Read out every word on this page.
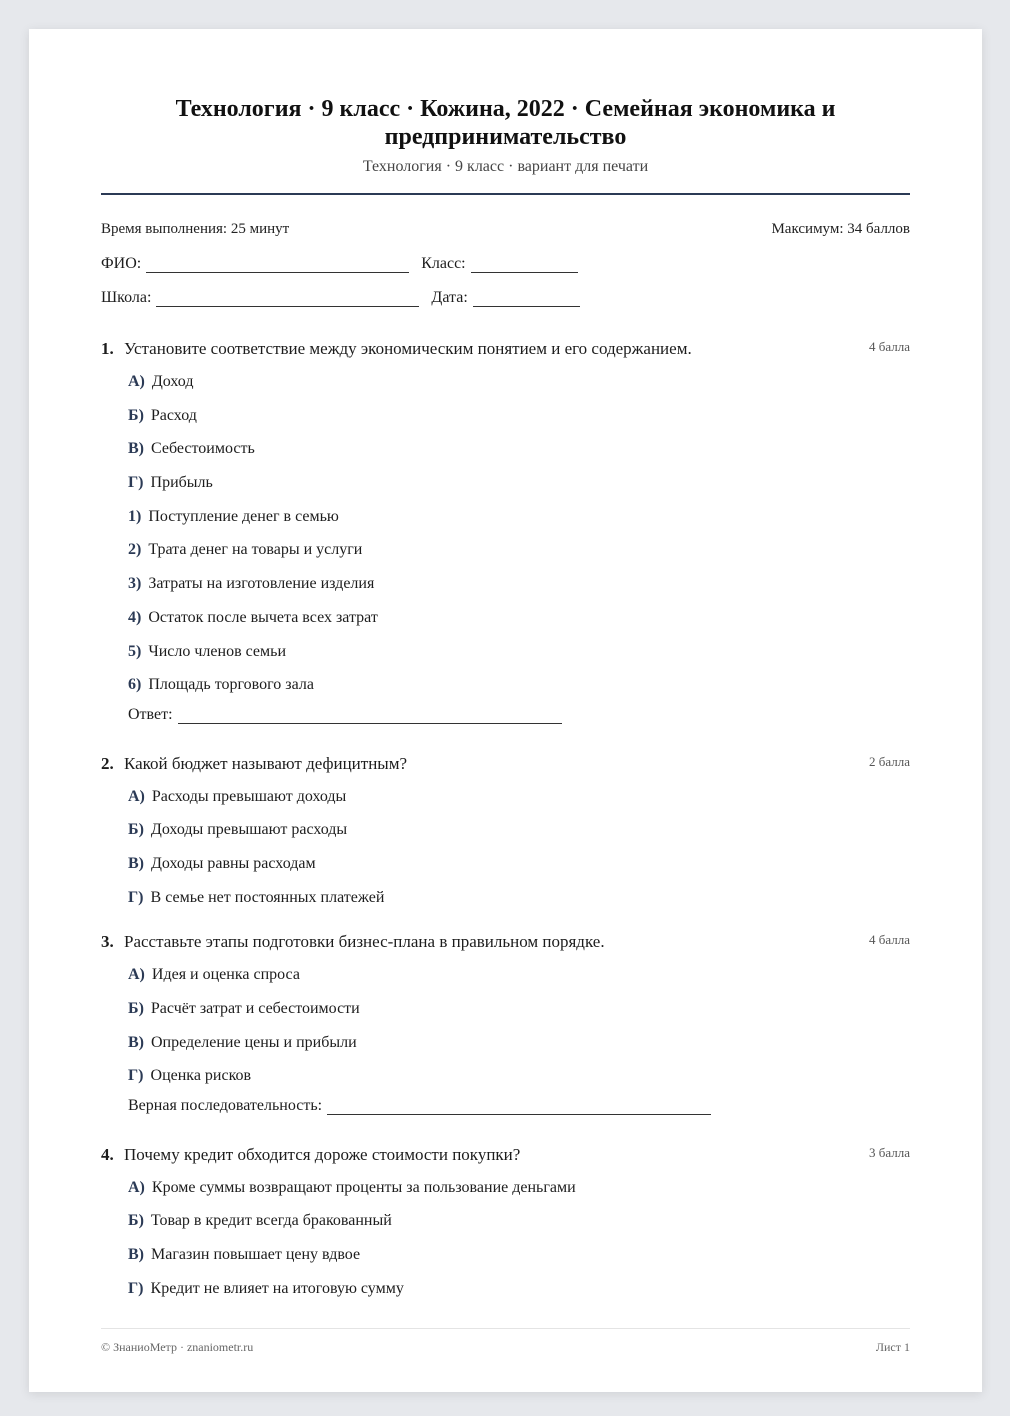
Технология · 9 класс · Кожина, 2022 · Семейная экономика и предпринимательство
Технология · 9 класс · вариант для печати
Время выполнения: 25 минут	Максимум: 34 баллов
ФИО:	Класс:
Школа:	Дата:
1. Установите соответствие между экономическим понятием и его содержанием.	4 балла
А) Доход
Б) Расход
В) Себестоимость
Г) Прибыль
1) Поступление денег в семью
2) Трата денег на товары и услуги
3) Затраты на изготовление изделия
4) Остаток после вычета всех затрат
5) Число членов семьи
6) Площадь торгового зала
Ответ:
2. Какой бюджет называют дефицитным?	2 балла
А) Расходы превышают доходы
Б) Доходы превышают расходы
В) Доходы равны расходам
Г) В семье нет постоянных платежей
3. Расставьте этапы подготовки бизнес-плана в правильном порядке.	4 балла
А) Идея и оценка спроса
Б) Расчёт затрат и себестоимости
В) Определение цены и прибыли
Г) Оценка рисков
Верная последовательность:
4. Почему кредит обходится дороже стоимости покупки?	3 балла
А) Кроме суммы возвращают проценты за пользование деньгами
Б) Товар в кредит всегда бракованный
В) Магазин повышает цену вдвое
Г) Кредит не влияет на итоговую сумму
© ЗнаниоМетр · znaniometr.ru	Лист 1
